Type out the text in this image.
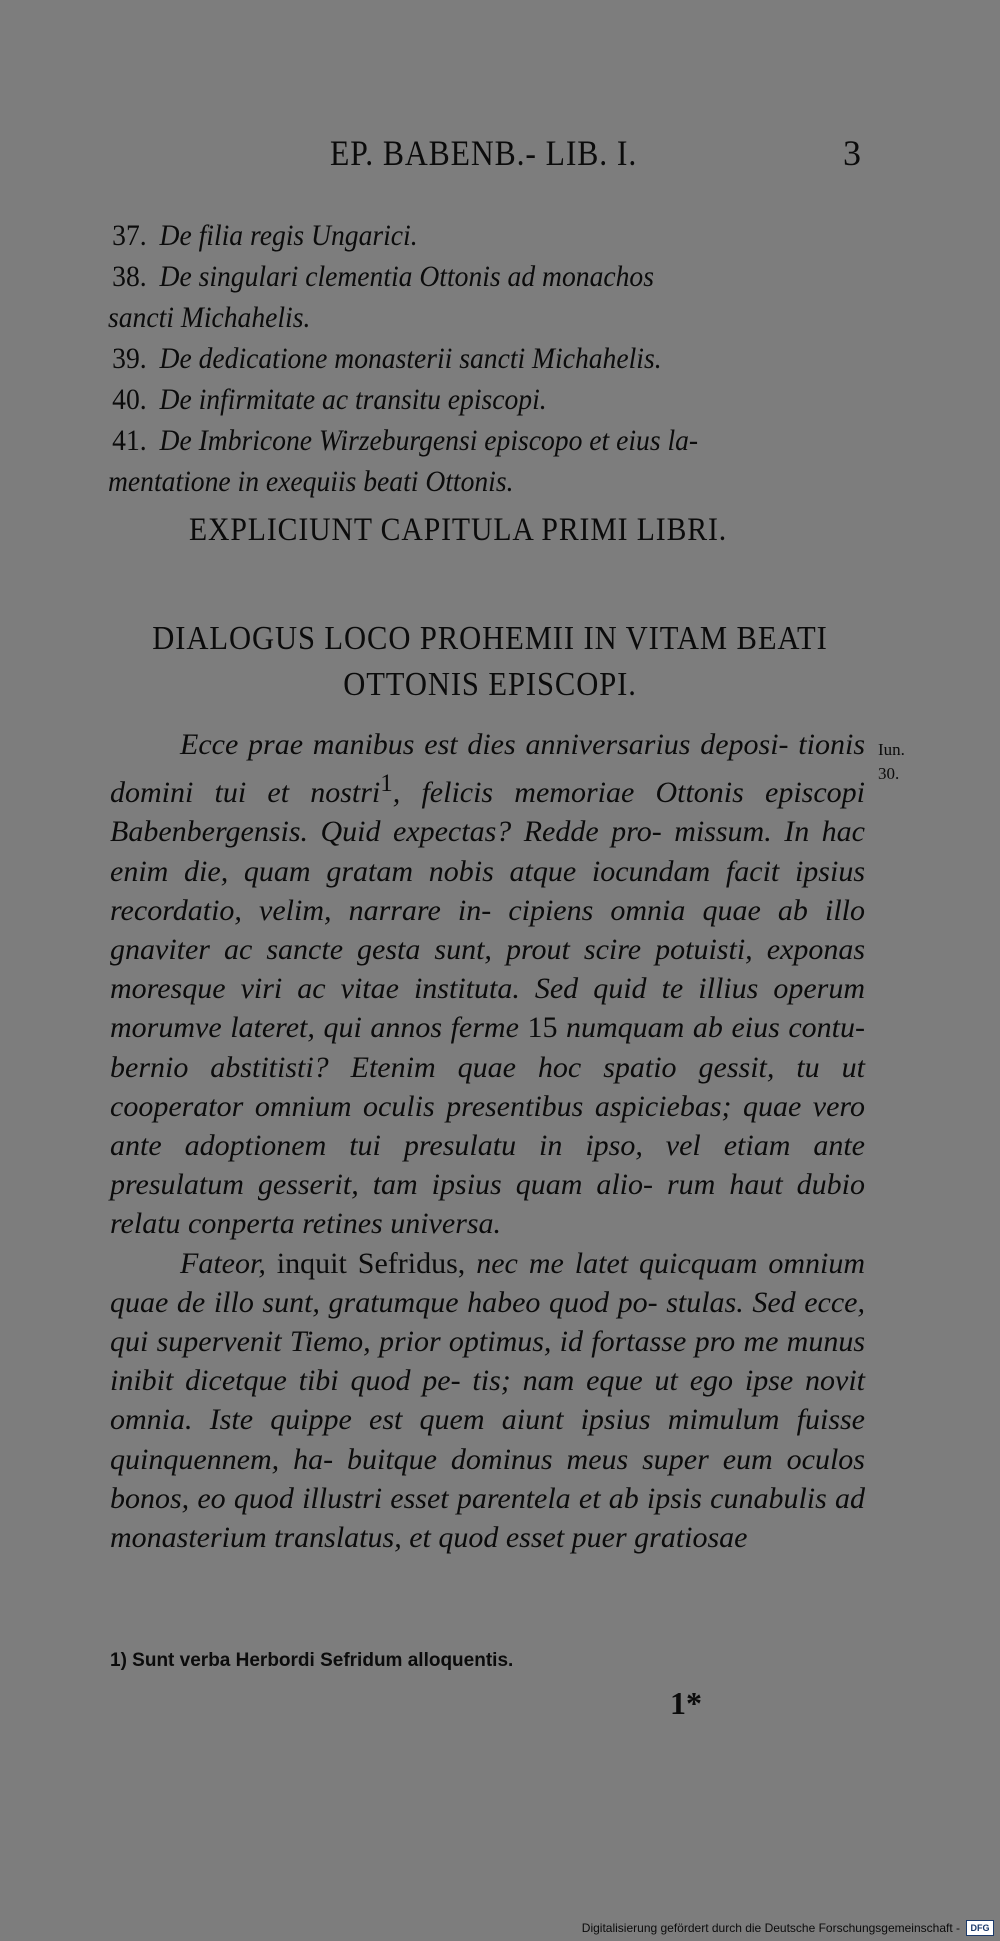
EP. BABENB.- LIB. I.	3
37. De filia regis Ungarici.
38. De singulari clementia Ottonis ad monachos
sancti Michahelis.
39. De dedicatione monasterii sancti Michahelis.
40. De infirmitate ac transitu episcopi.
41. De Imbricone Wirzeburgensi episcopo et eius la-
mentatione in exequiis beati Ottonis.
EXPLICIUNT CAPITULA PRIMI LIBRI.
DIALOGUS LOCO PROHEMII IN VITAM BEATI
OTTONIS EPISCOPI.
Iun.
30.

Ecce prae manibus est dies anniversarius deposi- tionis domini tui et nostri$^1$, felicis memoriae Ottonis episcopi Babenbergensis. Quid expectas? Redde pro- missum. In hac enim die, quam gratam nobis atque iocundam facit ipsius recordatio, velim, narrare in- cipiens omnia quae ab illo gnaviter ac sancte gesta sunt, prout scire potuisti, exponas moresque viri ac vitae instituta. Sed quid te illius operum morumve lateret, qui annos ferme 15 numquam ab eius contu- bernio abstitisti? Etenim quae hoc spatio gessit, tu ut cooperator omnium oculis presentibus aspiciebas; quae vero ante adoptionem tui presulatu in ipso, vel etiam ante presulatum gesserit, tam ipsius quam alio- rum haut dubio relatu conperta retines universa.

Fateor, inquit Sefridus, nec me latet quicquam omnium quae de illo sunt, gratumque habeo quod po- stulas. Sed ecce, qui supervenit Tiemo, prior optimus, id fortasse pro me munus inibit dicetque tibi quod pe- tis; nam eque ut ego ipse novit omnia. Iste quippe est quem aiunt ipsius mimulum fuisse quinquennem, ha- buitque dominus meus super eum oculos bonos, eo quod illustri esset parentela et ab ipsis cunabulis ad monasterium translatus, et quod esset puer gratiosae

1) Sunt verba Herbordi Sefridum alloquentis.
1*
Digitalisierung gefördert durch die Deutsche Forschungsgemeinschaft -	DFG
